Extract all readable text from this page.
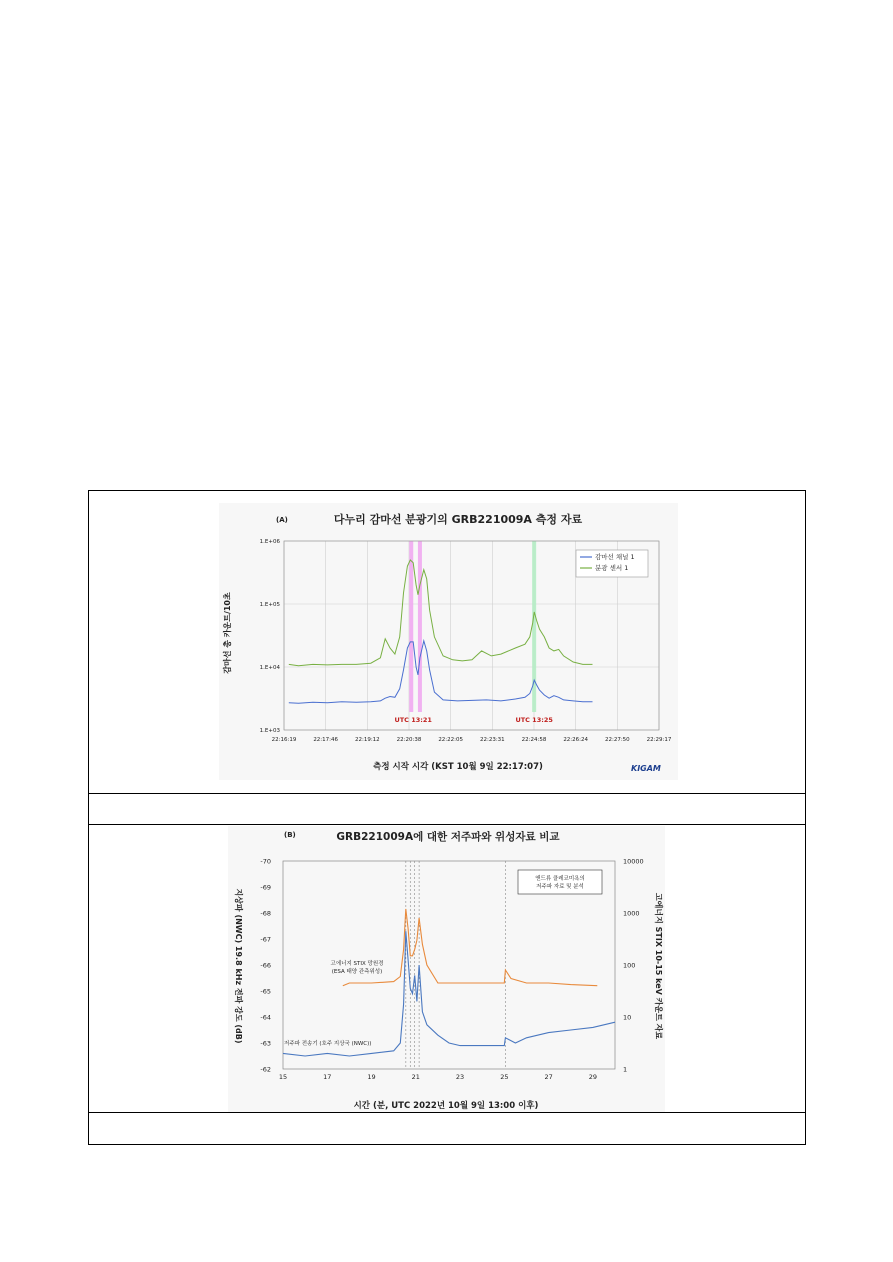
(A)	다누리 감마선 분광기의 GRB221009A 측정 자료
감마선 총 카운트/10초
측정 시작 시각 (KST 10월 9일 22:17:07)	KIGAM
1.E+03
1.E+04
1.E+05
1.E+06
22:16:19	22:17:46	22:19:12	22:20:38	22:22:05	22:23:31	22:24:58	22:26:24	22:27:50	22:29:17
UTC 13:21	UTC 13:25
감마선 채널 1
분광 센서 1
(B)	GRB221009A에 대한 저주파와 위성자료 비교
지상파 (NWC) 19.8 kHz 전파 강도 (dB)	고에너지 STIX 10-15 keV 카운트 자료
시간 (분, UTC 2022년 10월 9일 13:00 이후)
-62
-63
-64
-65
-66
-67
-68
-69
-70
1
10
100
1000
10000
15	17	19	21	23	25	27	29
앤드류 클레코미욕의
저주파 자료 및 분석
고에너지 STIX 망원경
(ESA 태양 관측위성)
저주파 전송기 (호주 지상국 (NWC))
